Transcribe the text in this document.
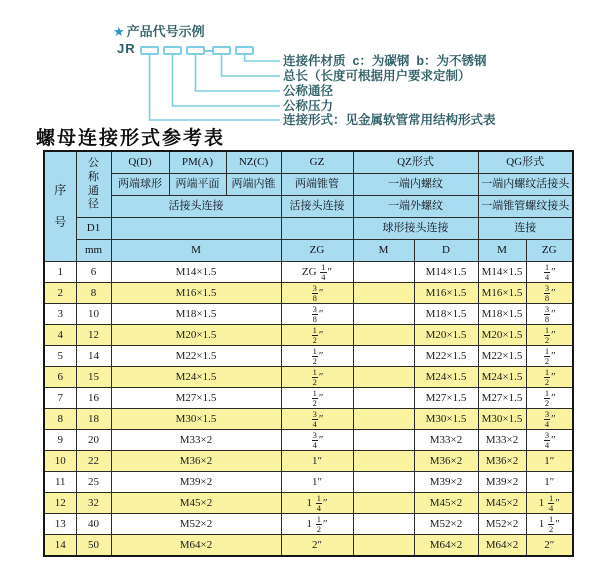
★ 产品代号示例
JR
连接件材质  c：为碳钢  b：为不锈钢
总长（长度可根据用户要求定制）
公称通径
公称压力
连接形式：见金属软管常用结构形式表
螺母连接形式参考表
序号	公称通径	Q(D)	PM(A)	NZ(C)	GZ	QZ形式		QG形式	
		两端球形	两端平面	两端内锥	两端锥管	一端内螺纹		一端内螺纹活接头	
		活接头连接			活接头连接	一端外螺纹		一端锥管螺纹接头	
	D1					球形接头连接		连接	
	mm	M			ZG	M	D	M	ZG
1	6	M14×1.5			ZG $\frac{1}{4}$ ″		M14×1.5	M14×1.5	$\frac{1}{4}$ ″
2	8	M16×1.5			$\frac{3}{8}$ ″		M16×1.5	M16×1.5	$\frac{3}{8}$ ″
3	10	M18×1.5			$\frac{3}{8}$ ″		M18×1.5	M18×1.5	$\frac{3}{8}$ ″
4	12	M20×1.5			$\frac{1}{2}$ ″		M20×1.5	M20×1.5	$\frac{1}{2}$ ″
5	14	M22×1.5			$\frac{1}{2}$ ″		M22×1.5	M22×1.5	$\frac{1}{2}$ ″
6	15	M24×1.5			$\frac{1}{2}$ ″		M24×1.5	M24×1.5	$\frac{1}{2}$ ″
7	16	M27×1.5			$\frac{1}{2}$ ″		M27×1.5	M27×1.5	$\frac{1}{2}$ ″
8	18	M30×1.5			$\frac{3}{4}$ ″		M30×1.5	M30×1.5	$\frac{3}{4}$ ″
9	20	M33×2			$\frac{3}{4}$ ″		M33×2	M33×2	$\frac{3}{4}$ ″
10	22	M36×2			1″		M36×2	M36×2	1″
11	25	M39×2			1″		M39×2	M39×2	1″
12	32	M45×2			$1 \frac{1}{4}$ ″		M45×2	M45×2	$1 \frac{1}{4}$ ″
13	40	M52×2			$1 \frac{1}{2}$ ″		M52×2	M52×2	$1 \frac{1}{2}$ ″
14	50	M64×2			2″		M64×2	M64×2	2″
